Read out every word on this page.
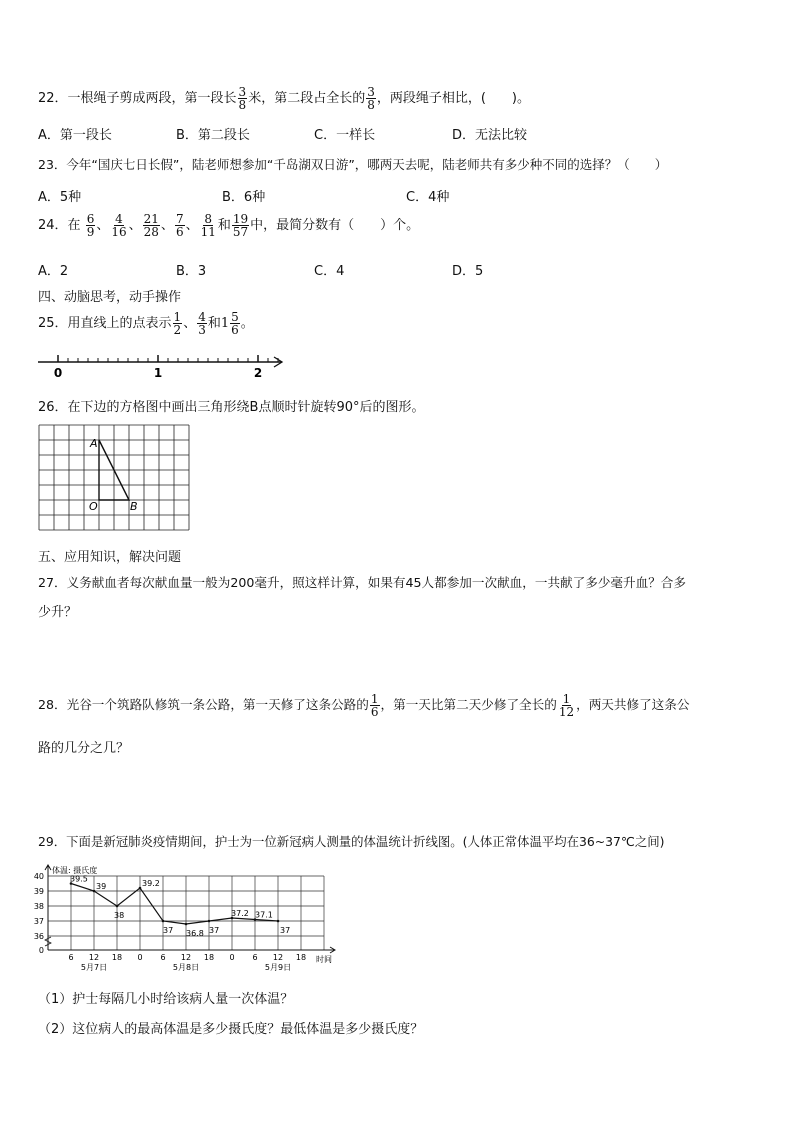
22．一根绳子剪成两段，第一段长 $\frac{3}{8}$ 米，第二段占全长的 $\frac{3}{8}$ ，两段绳子相比，(　　)。
A．第一段长	B．第二段长	C．一样长	D．无法比较
23．今年“国庆七日长假”，陆老师想参加“千岛湖双日游”，哪两天去呢，陆老师共有多少种不同的选择？（　　）
A．5种	B．6种	C．4种
24．在 $\frac{6}{9}$ 、 $\frac{4}{16}$ 、 $\frac{21}{28}$ 、 $\frac{7}{6}$ 、 $\frac{8}{11}$ 和 $\frac{19}{57}$ 中，最简分数有（　　）个。
A．2	B．3	C．4	D．5
四、动脑思考，动手操作
25．用直线上的点表示 $\frac{1}{2}$ 、 $\frac{4}{3}$ 和$1 \frac{5}{6}$ 。
0	1	2
26．在下边的方格图中画出三角形绕B点顺时针旋转90°后的图形。
A
O	B
五、应用知识，解决问题
27．义务献血者每次献血量一般为200毫升，照这样计算，如果有45人都参加一次献血，一共献了多少毫升血？合多
少升？
28．光谷一个筑路队修筑一条公路，第一天修了这条公路的 $\frac{1}{6}$ ，第一天比第二天少修了全长的 $\frac{1}{12}$ ，两天共修了这条公
路的几分之几？
29．下面是新冠肺炎疫情期间，护士为一位新冠病人测量的体温统计折线图。(人体正常体温平均在36~37℃之间)
0
36
37
38
39
40
6 12 18 0 6 12 18 0 6 12 18
5月7日	5月8日	5月9日
39.5
39
38
39.2
37 36.8 37
37.2 37.1
37
体温: 摄氏度
时间
（1）护士每隔几小时给该病人量一次体温？
（2）这位病人的最高体温是多少摄氏度？最低体温是多少摄氏度？
